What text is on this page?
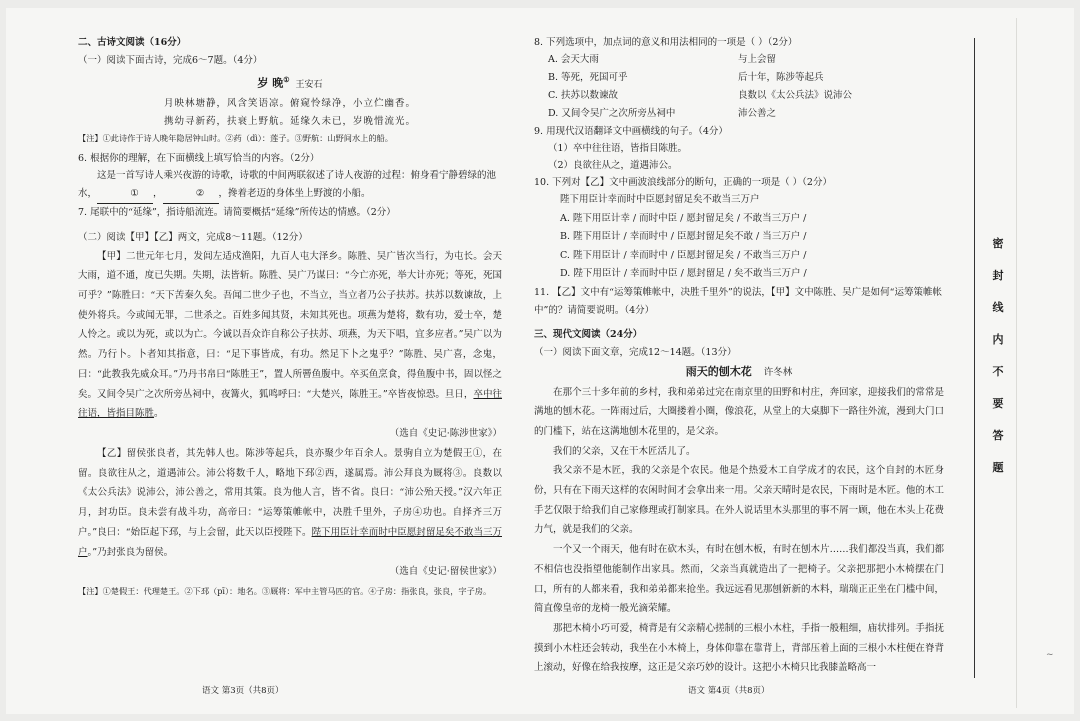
二、古诗文阅读（16分）

（一）阅读下面古诗，完成6～7题。（4分）

岁 晚①王安石

月映林塘静，风含笑语凉。俯窥怜绿净，小立伫幽香。

携幼寻新药，扶衰上野航。延缘久未已，岁晚惜流光。

【注】①此诗作于诗人晚年隐居钟山时。②药（dì）：莲子。③野航：山野间水上的船。

6. 根据你的理解，在下面横线上填写恰当的内容。（2分）

这是一首写诗人乘兴夜游的诗歌，诗歌的中间两联叙述了诗人夜游的过程：俯身看宁静碧绿的池水，	① ，	② ，搀着老迈的身体坐上野渡的小船。

7. 尾联中的“延缘”，指诗船流连。请简要概括“延缘”所传达的情感。（2分）

（二）阅读【甲】【乙】两文，完成8～11题。（12分）

【甲】二世元年七月，发闾左适戍渔阳，九百人屯大泽乡。陈胜、吴广皆次当行，为屯长。会天大雨，道不通，度已失期。失期，法皆斩。陈胜、吴广乃谋曰：“今亡亦死，举大计亦死；等死，死国可乎？”陈胜曰：“天下苦秦久矣。吾闻二世少子也，不当立，当立者乃公子扶苏。扶苏以数谏故，上使外将兵。今或闻无罪，二世杀之。百姓多闻其贤，未知其死也。项燕为楚将，数有功，爱士卒，楚人怜之。或以为死，或以为亡。今诚以吾众诈自称公子扶苏、项燕，为天下唱，宜多应者。”吴广以为然。乃行卜。卜者知其指意，曰：“足下事皆成，有功。然足下卜之鬼乎？”陈胜、吴广喜，念鬼，曰：“此教我先威众耳。”乃丹书帛曰“陈胜王”，置人所罾鱼腹中。卒买鱼烹食，得鱼腹中书，固以怪之矣。又间令吴广之次所旁丛祠中，夜篝火，狐鸣呼曰：“大楚兴，陈胜王。”卒皆夜惊恐。旦日，卒中往往语，皆指目陈胜。

（选自《史记·陈涉世家》）

【乙】留侯张良者，其先韩人也。陈涉等起兵，良亦聚少年百余人。景驹自立为楚假王①，在留。良欲往从之，道遇沛公。沛公将数千人，略地下邳②西，遂属焉。沛公拜良为厩将③。良数以《太公兵法》说沛公，沛公善之，常用其策。良为他人言，皆不省。良曰：“沛公殆天授。”汉六年正月，封功臣。良未尝有战斗功，高帝曰：“运筹策帷帐中，决胜千里外，子房④功也。自择齐三万户。”良曰：“始臣起下邳，与上会留，此天以臣授陛下。陛下用臣计幸而时中臣愿封留足矣不敢当三万户。”乃封张良为留侯。

（选自《史记·留侯世家》）

【注】①楚假王：代理楚王。②下邳（pī）：地名。③厩将：军中主管马匹的官。④子房：指张良，张良，字子房。

8. 下列选项中，加点词的意义和用法相同的一项是（ ）（2分）

A. 会天大雨	与上会留
B. 等死，死国可乎	后十年，陈涉等起兵
C. 扶苏以数谏故	良数以《太公兵法》说沛公
D. 又间令吴广之次所旁丛祠中	沛公善之

9. 用现代汉语翻译文中画横线的句子。（4分）

（1）卒中往往语，皆指目陈胜。

（2）良欲往从之，道遇沛公。

10. 下列对【乙】文中画波浪线部分的断句，正确的一项是（ ）（2分）

陛下用臣计幸而时中臣愿封留足矣不敢当三万户

A. 陛下用臣计幸 / 而时中臣 / 愿封留足矣 / 不敢当三万户 /

B. 陛下用臣计 / 幸而时中 / 臣愿封留足矣不敢 / 当三万户 /

C. 陛下用臣计 / 幸而时中 / 臣愿封留足矣 / 不敢当三万户 /

D. 陛下用臣计 / 幸而时中臣 / 愿封留足 / 矣不敢当三万户 /

11. 【乙】文中有“运筹策帷帐中，决胜千里外”的说法，【甲】文中陈胜、吴广是如何“运筹策帷帐中”的？请简要说明。（4分）

三、现代文阅读（24分）

（一）阅读下面文章，完成12～14题。（13分）

雨天的刨木花 许冬林

在那个三十多年前的乡村，我和弟弟过完在南京里的田野和村庄，奔回家，迎接我们的常常是满地的刨木花。一阵雨过后，大圈搂着小圈，像浪花，从堂上的大桌脚下一路往外流，漫到大门口的门槛下，站在这满地刨木花里的，是父亲。

我们的父亲，又在干木匠活儿了。

我父亲不是木匠，我的父亲是个农民。他是个热爱木工自学成才的农民，这个自封的木匠身份，只有在下雨天这样的农闲时间才会拿出来一用。父亲天晴时是农民，下雨时是木匠。他的木工手艺仅限于给我们自己家修理或打制家具。在外人说话里木头那里的事不屑一顾，他在木头上花费力气，就是我们的父亲。

一个又一个雨天，他有时在砍木头，有时在刨木板，有时在刨木片……我们都没当真，我们都不相信也没指望他能制作出家具。然而，父亲当真就造出了一把椅子。父亲把那把小木椅摆在门口，所有的人都来看，我和弟弟都来抢坐。我远远看见那刨新新的木料，瑞瑞正正坐在门槛中间，简直像皇帝的龙椅一般光滴荣耀。

那把木椅小巧可爱，椅背是有父亲精心搓制的三根小木柱，手指一般粗细，庙状排列。手指抚摸到小木柱还会转动，我坐在小木椅上，身体仰靠在靠背上，背部压着上面的三根小木柱便在脊背上滚动，好像在给我按摩，这正是父亲巧妙的设计。这把小木椅只比我膝盖略高一

语文 第3页（共8页）	语文 第4页（共8页）
密
封
线
内
不
要
答
题
~
